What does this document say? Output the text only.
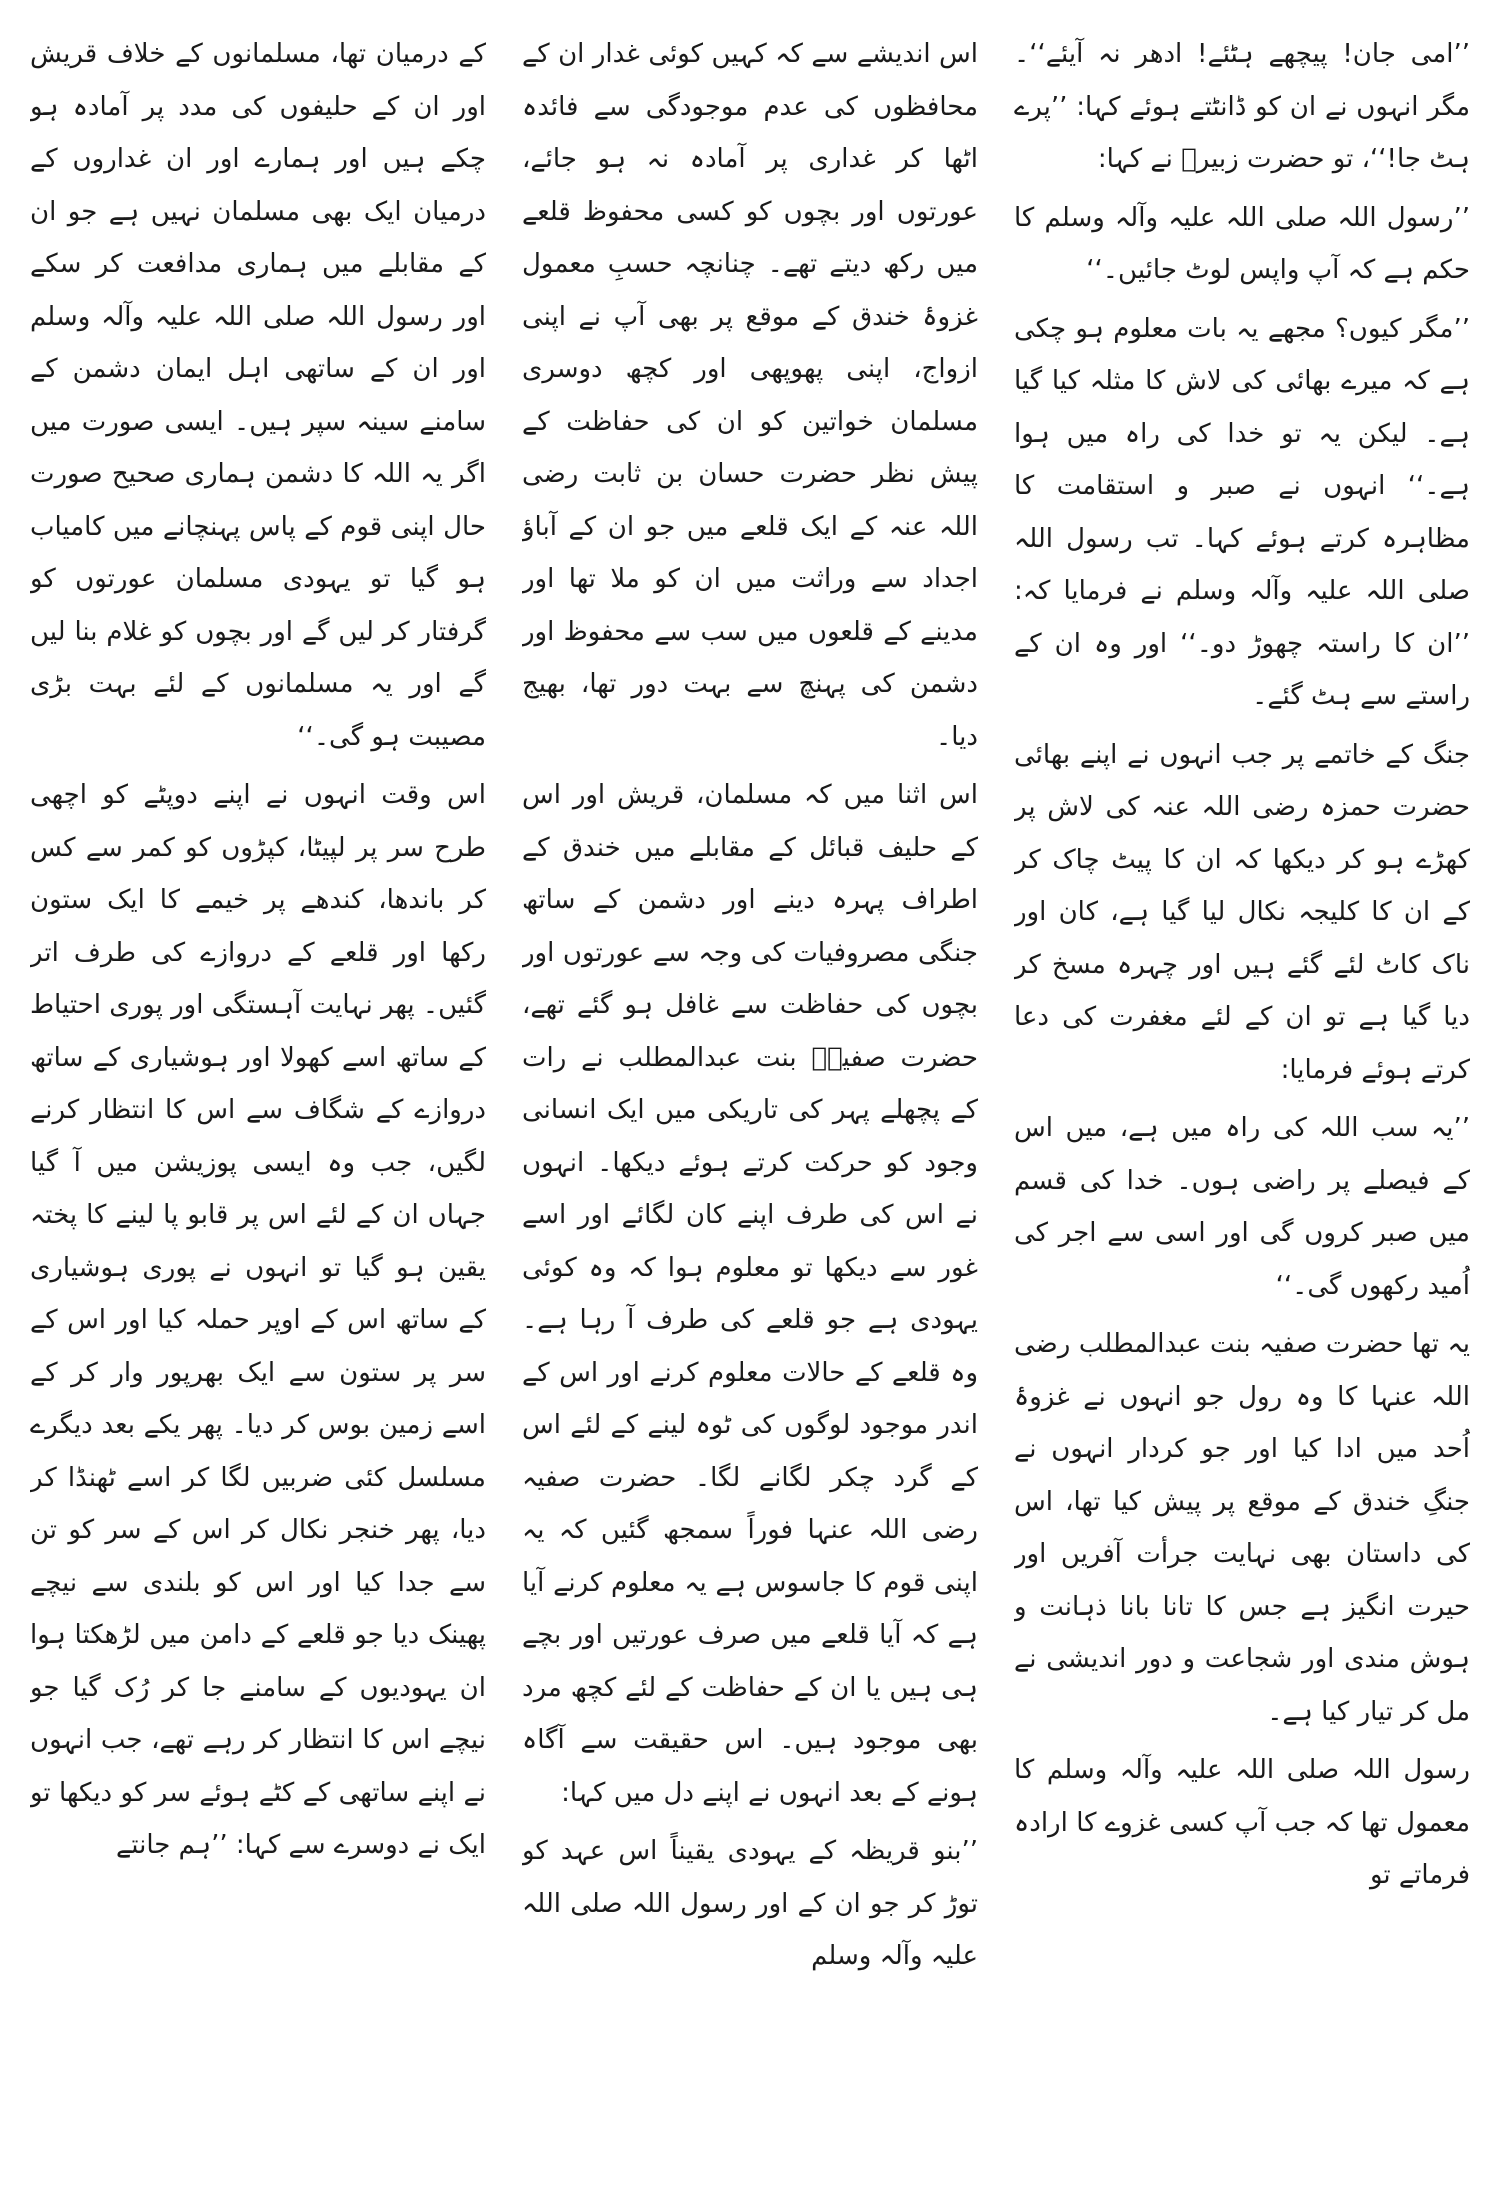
’’امی جان! پیچھے ہٹئے! ادھر نہ آیئے‘‘۔ مگر انہوں نے ان کو ڈانٹتے ہوئے کہا: ’’پرے ہٹ جا!‘‘، تو حضرت زبیرؓ نے کہا:

’’رسول اللہ صلی اللہ علیہ وآلہ وسلم کا حکم ہے کہ آپ واپس لوٹ جائیں۔‘‘

’’مگر کیوں؟ مجھے یہ بات معلوم ہو چکی ہے کہ میرے بھائی کی لاش کا مثلہ کیا گیا ہے۔ لیکن یہ تو خدا کی راہ میں ہوا ہے۔‘‘ انہوں نے صبر و استقامت کا مظاہرہ کرتے ہوئے کہا۔ تب رسول اللہ صلی اللہ علیہ وآلہ وسلم نے فرمایا کہ: ’’ان کا راستہ چھوڑ دو۔‘‘ اور وہ ان کے راستے سے ہٹ گئے۔

جنگ کے خاتمے پر جب انہوں نے اپنے بھائی حضرت حمزہ رضی اللہ عنہ کی لاش پر کھڑے ہو کر دیکھا کہ ان کا پیٹ چاک کر کے ان کا کلیجہ نکال لیا گیا ہے، کان اور ناک کاٹ لئے گئے ہیں اور چہرہ مسخ کر دیا گیا ہے تو ان کے لئے مغفرت کی دعا کرتے ہوئے فرمایا:

’’یہ سب اللہ کی راہ میں ہے، میں اس کے فیصلے پر راضی ہوں۔ خدا کی قسم میں صبر کروں گی اور اسی سے اجر کی اُمید رکھوں گی۔‘‘

یہ تھا حضرت صفیہ بنت عبدالمطلب رضی اللہ عنہا کا وہ رول جو انہوں نے غزوۂ اُحد میں ادا کیا اور جو کردار انہوں نے جنگِ خندق کے موقع پر پیش کیا تھا، اس کی داستان بھی نہایت جرأت آفریں اور حیرت انگیز ہے جس کا تانا بانا ذہانت و ہوش مندی اور شجاعت و دور اندیشی نے مل کر تیار کیا ہے۔

رسول اللہ صلی اللہ علیہ وآلہ وسلم کا معمول تھا کہ جب آپ کسی غزوے کا ارادہ فرماتے تو

اس اندیشے سے کہ کہیں کوئی غدار ان کے محافظوں کی عدم موجودگی سے فائدہ اٹھا کر غداری پر آمادہ نہ ہو جائے، عورتوں اور بچوں کو کسی محفوظ قلعے میں رکھ دیتے تھے۔ چنانچہ حسبِ معمول غزوۂ خندق کے موقع پر بھی آپ نے اپنی ازواج، اپنی پھوپھی اور کچھ دوسری مسلمان خواتین کو ان کی حفاظت کے پیش نظر حضرت حسان بن ثابت رضی اللہ عنہ کے ایک قلعے میں جو ان کے آباؤ اجداد سے وراثت میں ان کو ملا تھا اور مدینے کے قلعوں میں سب سے محفوظ اور دشمن کی پہنچ سے بہت دور تھا، بھیج دیا۔

اس اثنا میں کہ مسلمان، قریش اور اس کے حلیف قبائل کے مقابلے میں خندق کے اطراف پہرہ دینے اور دشمن کے ساتھ جنگی مصروفیات کی وجہ سے عورتوں اور بچوں کی حفاظت سے غافل ہو گئے تھے، حضرت صفیہؓ بنت عبدالمطلب نے رات کے پچھلے پہر کی تاریکی میں ایک انسانی وجود کو حرکت کرتے ہوئے دیکھا۔ انہوں نے اس کی طرف اپنے کان لگائے اور اسے غور سے دیکھا تو معلوم ہوا کہ وہ کوئی یہودی ہے جو قلعے کی طرف آ رہا ہے۔ وہ قلعے کے حالات معلوم کرنے اور اس کے اندر موجود لوگوں کی ٹوہ لینے کے لئے اس کے گرد چکر لگانے لگا۔ حضرت صفیہ رضی اللہ عنہا فوراً سمجھ گئیں کہ یہ اپنی قوم کا جاسوس ہے یہ معلوم کرنے آیا ہے کہ آیا قلعے میں صرف عورتیں اور بچے ہی ہیں یا ان کے حفاظت کے لئے کچھ مرد بھی موجود ہیں۔ اس حقیقت سے آگاہ ہونے کے بعد انہوں نے اپنے دل میں کہا:

’’بنو قریظہ کے یہودی یقیناً اس عہد کو توڑ کر جو ان کے اور رسول اللہ صلی اللہ علیہ وآلہ وسلم

کے درمیان تھا، مسلمانوں کے خلاف قریش اور ان کے حلیفوں کی مدد پر آمادہ ہو چکے ہیں اور ہمارے اور ان غداروں کے درمیان ایک بھی مسلمان نہیں ہے جو ان کے مقابلے میں ہماری مدافعت کر سکے اور رسول اللہ صلی اللہ علیہ وآلہ وسلم اور ان کے ساتھی اہل ایمان دشمن کے سامنے سینہ سپر ہیں۔ ایسی صورت میں اگر یہ اللہ کا دشمن ہماری صحیح صورت حال اپنی قوم کے پاس پہنچانے میں کامیاب ہو گیا تو یہودی مسلمان عورتوں کو گرفتار کر لیں گے اور بچوں کو غلام بنا لیں گے اور یہ مسلمانوں کے لئے بہت بڑی مصیبت ہو گی۔‘‘

اس وقت انہوں نے اپنے دوپٹے کو اچھی طرح سر پر لپیٹا، کپڑوں کو کمر سے کس کر باندھا، کندھے پر خیمے کا ایک ستون رکھا اور قلعے کے دروازے کی طرف اتر گئیں۔ پھر نہایت آہستگی اور پوری احتیاط کے ساتھ اسے کھولا اور ہوشیاری کے ساتھ دروازے کے شگاف سے اس کا انتظار کرنے لگیں، جب وہ ایسی پوزیشن میں آ گیا جہاں ان کے لئے اس پر قابو پا لینے کا پختہ یقین ہو گیا تو انہوں نے پوری ہوشیاری کے ساتھ اس کے اوپر حملہ کیا اور اس کے سر پر ستون سے ایک بھرپور وار کر کے اسے زمین بوس کر دیا۔ پھر یکے بعد دیگرے مسلسل کئی ضربیں لگا کر اسے ٹھنڈا کر دیا، پھر خنجر نکال کر اس کے سر کو تن سے جدا کیا اور اس کو بلندی سے نیچے پھینک دیا جو قلعے کے دامن میں لڑھکتا ہوا ان یہودیوں کے سامنے جا کر رُک گیا جو نیچے اس کا انتظار کر رہے تھے، جب انہوں نے اپنے ساتھی کے کٹے ہوئے سر کو دیکھا تو ایک نے دوسرے سے کہا: ’’ہم جانتے
